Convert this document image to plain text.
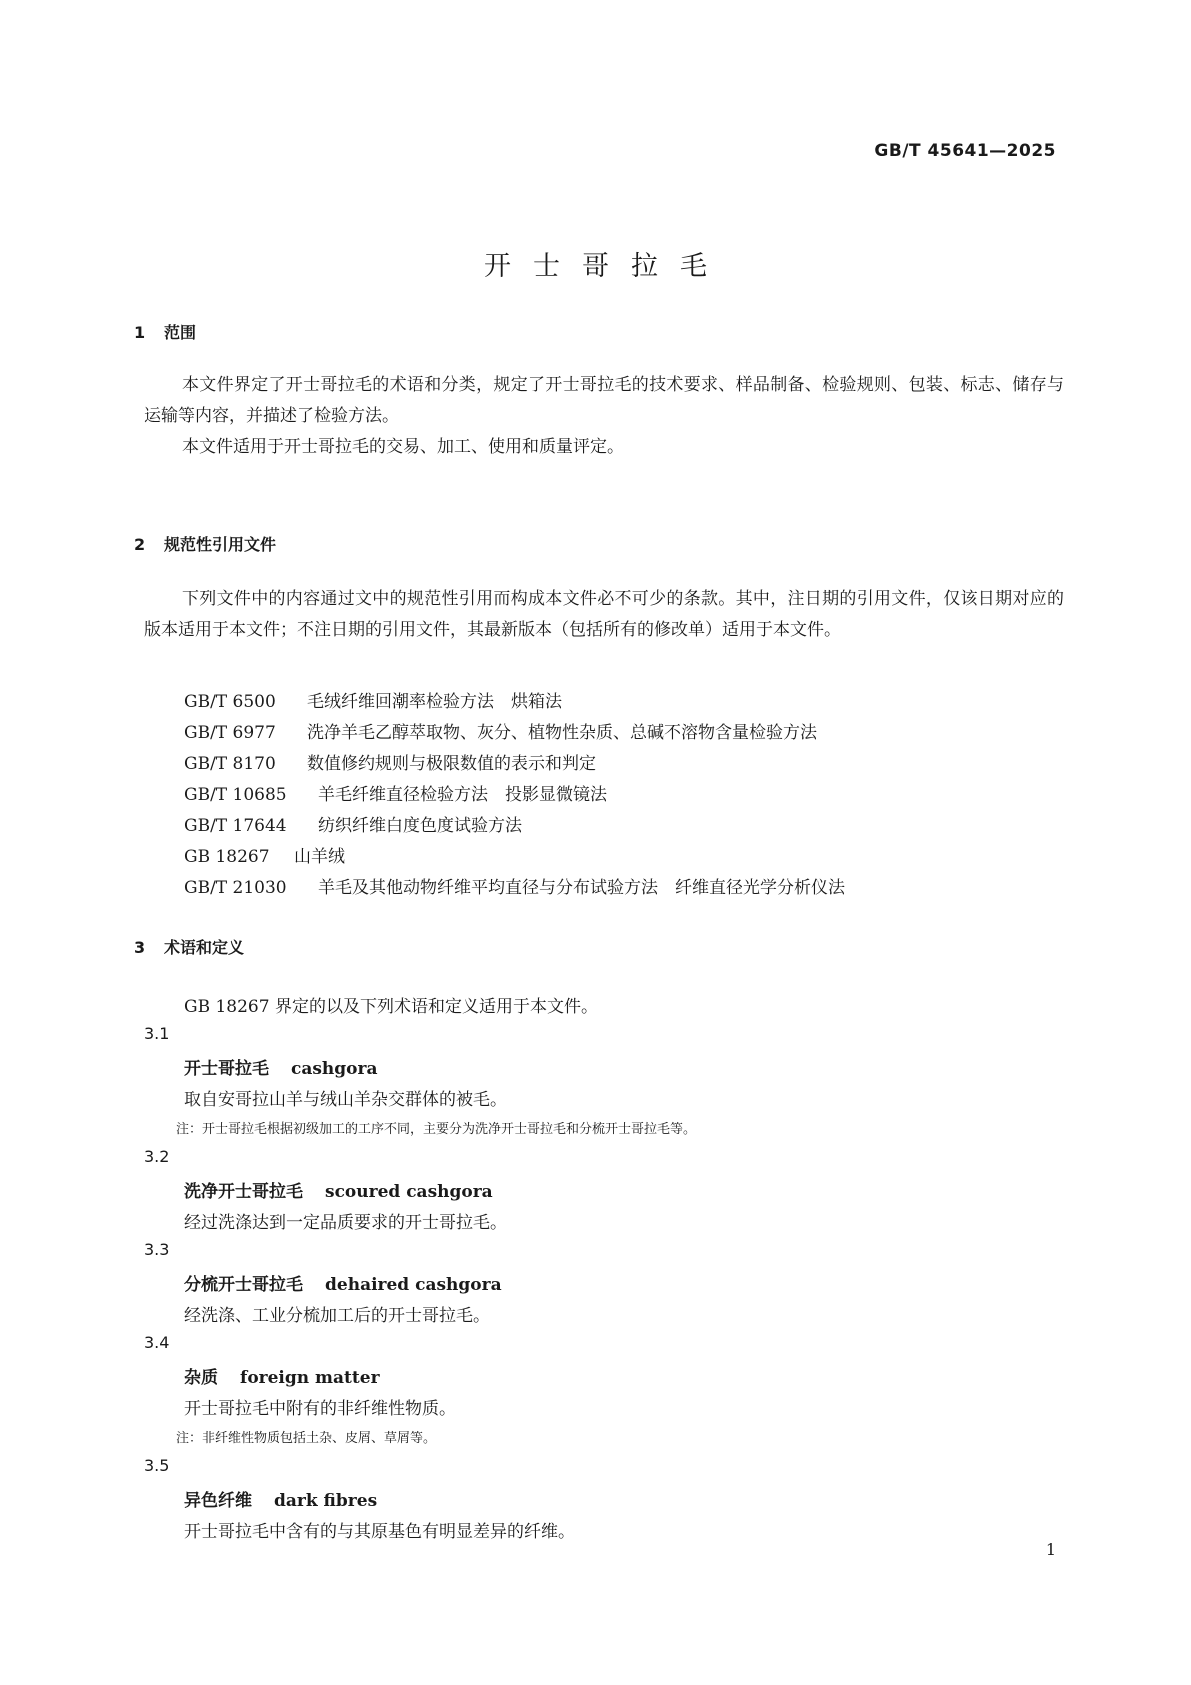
GB/T 45641—2025
开士哥拉毛
1 范围

本文件界定了开士哥拉毛的术语和分类，规定了开士哥拉毛的技术要求、样品制备、检验规则、包装、标志、储存与运输等内容，并描述了检验方法。

本文件适用于开士哥拉毛的交易、加工、使用和质量评定。

2 规范性引用文件

下列文件中的内容通过文中的规范性引用而构成本文件必不可少的条款。其中，注日期的引用文件，仅该日期对应的版本适用于本文件；不注日期的引用文件，其最新版本（包括所有的修改单）适用于本文件。

GB/T 6500 毛绒纤维回潮率检验方法　烘箱法
GB/T 6977 洗净羊毛乙醇萃取物、灰分、植物性杂质、总碱不溶物含量检验方法
GB/T 8170 数值修约规则与极限数值的表示和判定
GB/T 10685 羊毛纤维直径检验方法　投影显微镜法
GB/T 17644 纺织纤维白度色度试验方法
GB 18267 山羊绒
GB/T 21030 羊毛及其他动物纤维平均直径与分布试验方法　纤维直径光学分析仪法
3 术语和定义
GB 18267 界定的以及下列术语和定义适用于本文件。
3.1
开士哥拉毛 cashgora
取自安哥拉山羊与绒山羊杂交群体的被毛。
注：开士哥拉毛根据初级加工的工序不同，主要分为洗净开士哥拉毛和分梳开士哥拉毛等。
3.2
洗净开士哥拉毛 scoured cashgora
经过洗涤达到一定品质要求的开士哥拉毛。
3.3
分梳开士哥拉毛 dehaired cashgora
经洗涤、工业分梳加工后的开士哥拉毛。
3.4
杂质 foreign matter
开士哥拉毛中附有的非纤维性物质。
注：非纤维性物质包括土杂、皮屑、草屑等。
3.5
异色纤维 dark fibres
开士哥拉毛中含有的与其原基色有明显差异的纤维。
1
